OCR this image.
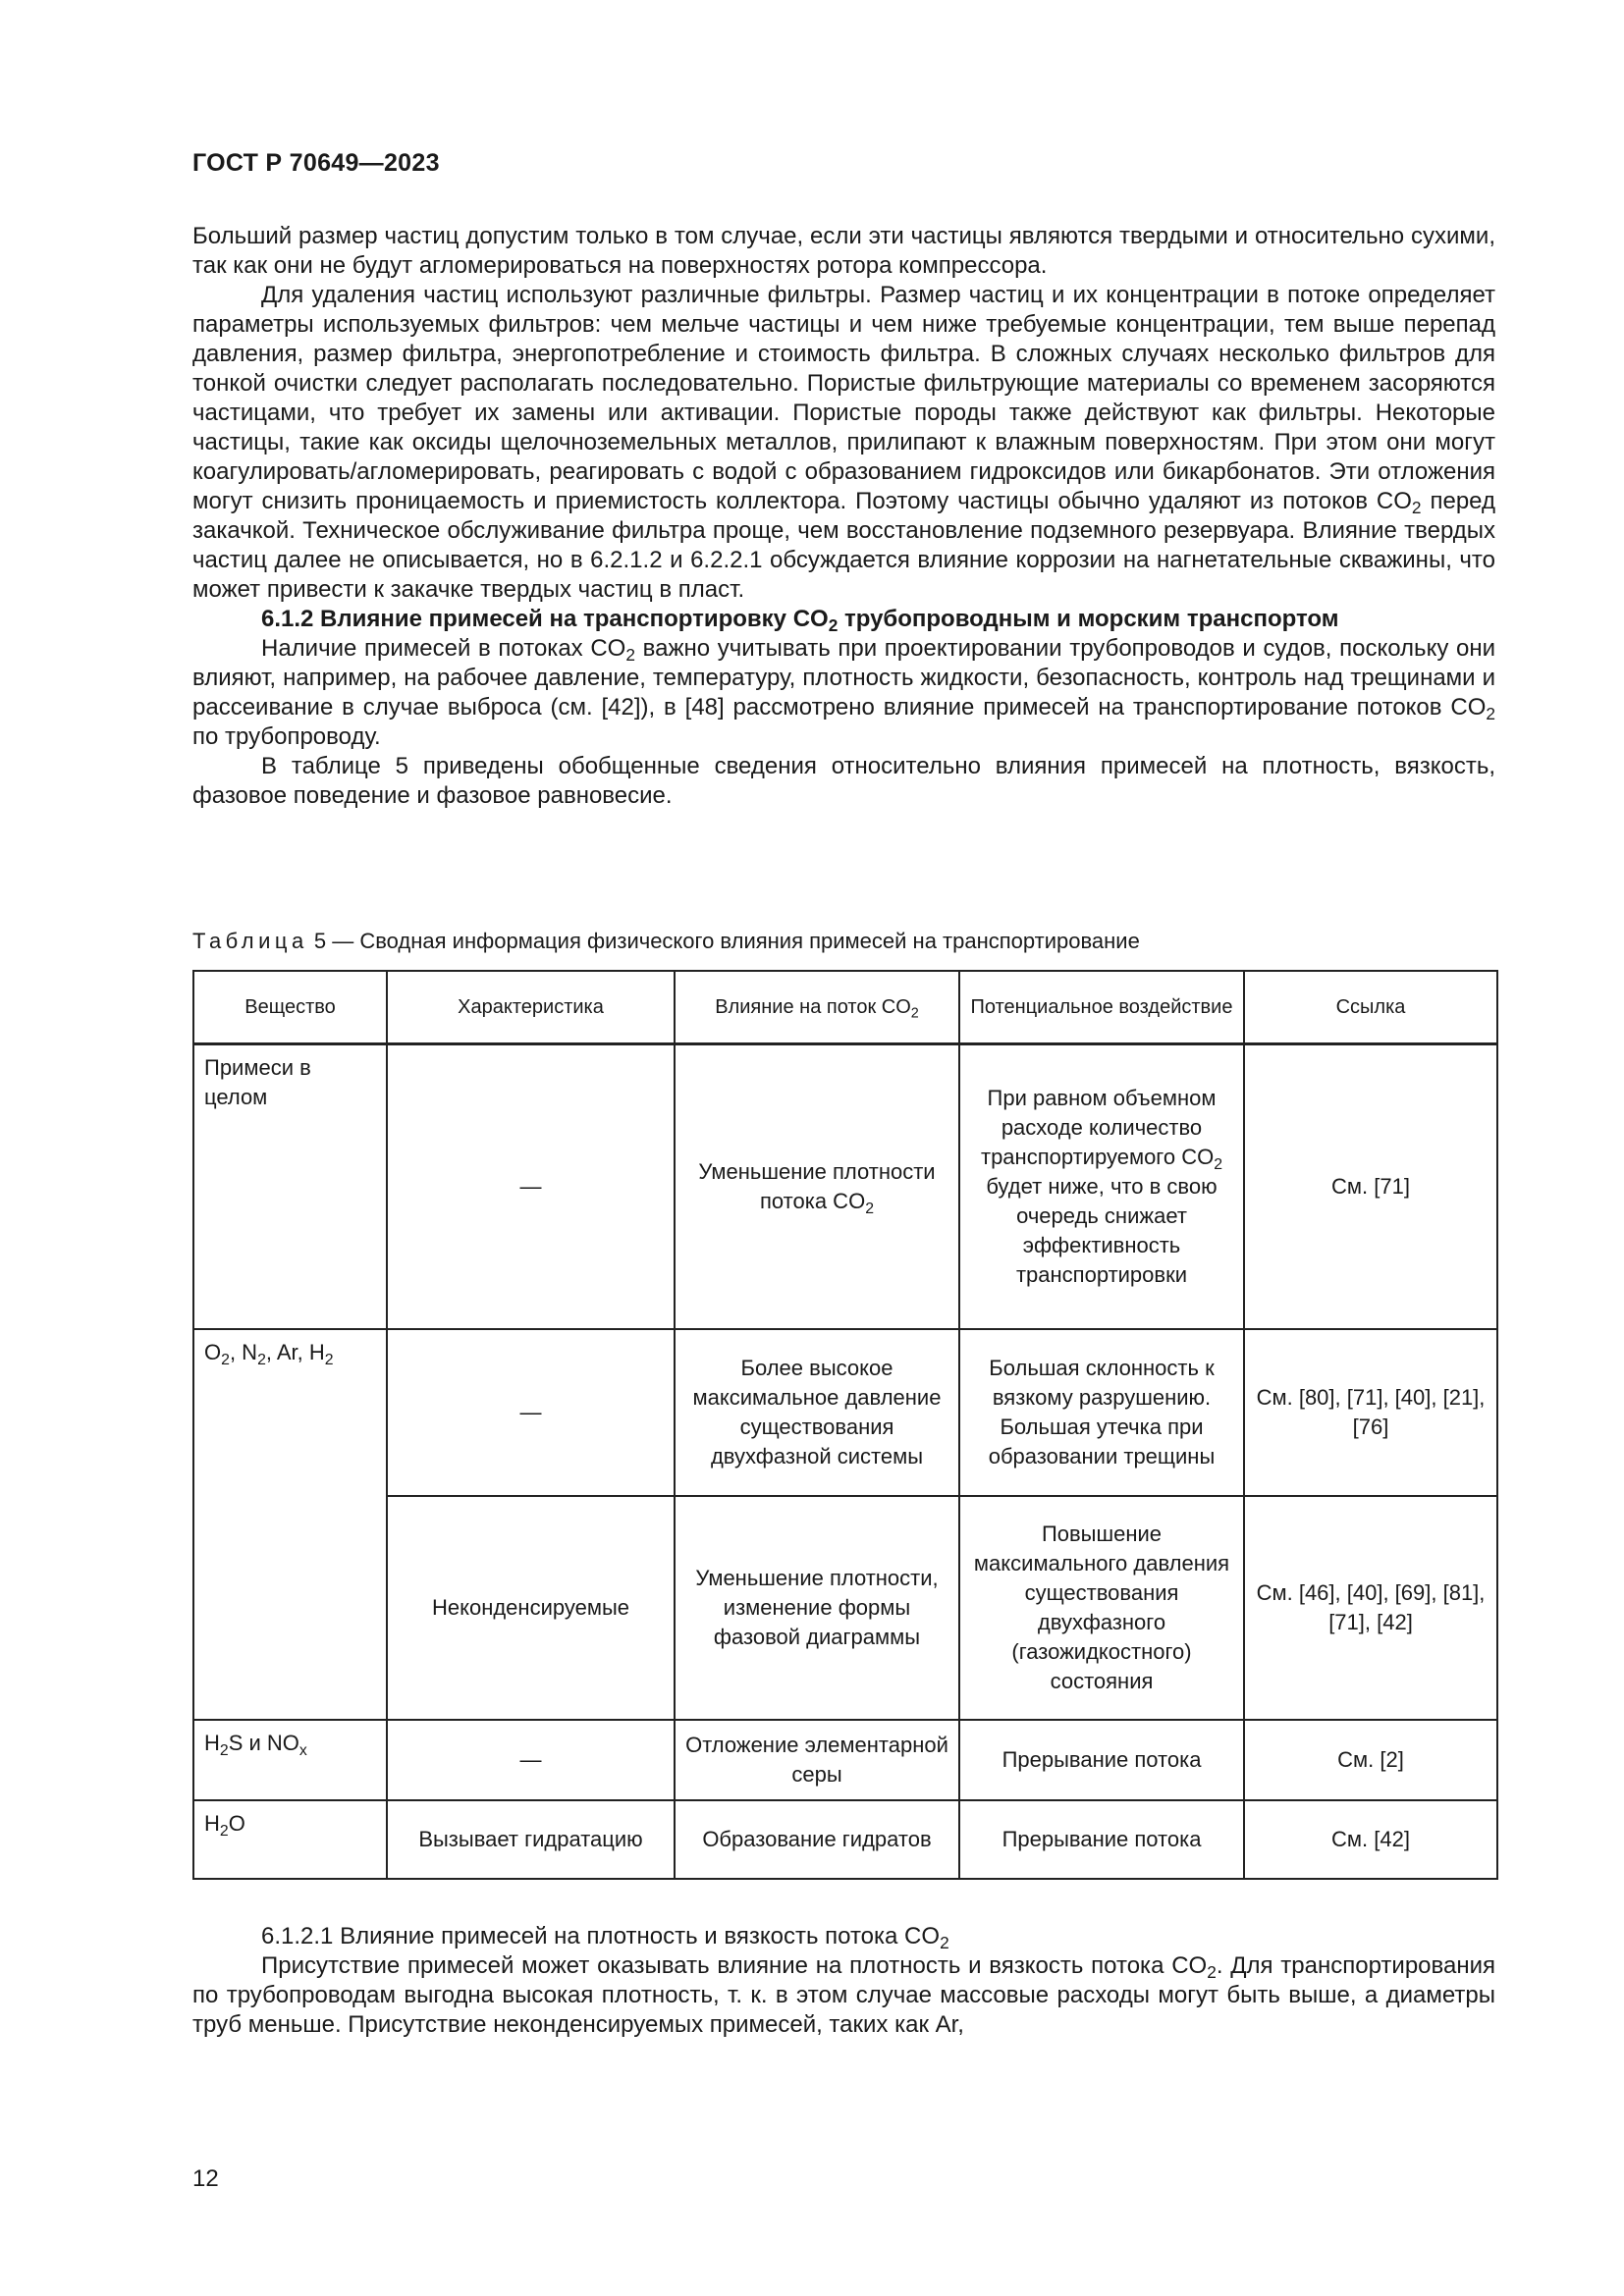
ГОСТ Р 70649—2023

Больший размер частиц допустим только в том случае, если эти частицы являются твердыми и относительно сухими, так как они не будут агломерироваться на поверхностях ротора компрессора.

Для удаления частиц используют различные фильтры. Размер частиц и их концентрации в потоке определяет параметры используемых фильтров: чем мельче частицы и чем ниже требуемые концентрации, тем выше перепад давления, размер фильтра, энергопотребление и стоимость фильтра. В сложных случаях несколько фильтров для тонкой очистки следует располагать последовательно. Пористые фильтрующие материалы со временем засоряются частицами, что требует их замены или активации. Пористые породы также действуют как фильтры. Некоторые частицы, такие как оксиды щелочноземельных металлов, прилипают к влажным поверхностям. При этом они могут коагулировать/агломерировать, реагировать с водой с образованием гидроксидов или бикарбонатов. Эти отложения могут снизить проницаемость и приемистость коллектора. Поэтому частицы обычно удаляют из потоков $CO_2$ перед закачкой. Техническое обслуживание фильтра проще, чем восстановление подземного резервуара. Влияние твердых частиц далее не описывается, но в 6.2.1.2 и 6.2.2.1 обсуждается влияние коррозии на нагнетательные скважины, что может привести к закачке твердых частиц в пласт.

6.1.2 Влияние примесей на транспортировку $CO_2$ трубопроводным и морским транспортом

Наличие примесей в потоках $CO_2$ важно учитывать при проектировании трубопроводов и судов, поскольку они влияют, например, на рабочее давление, температуру, плотность жидкости, безопасность, контроль над трещинами и рассеивание в случае выброса (см. [42]), в [48] рассмотрено влияние примесей на транспортирование потоков $CO_2$ по трубопроводу.

В таблице 5 приведены обобщенные сведения относительно влияния примесей на плотность, вязкость, фазовое поведение и фазовое равновесие.

Таблица 5 — Сводная информация физического влияния примесей на транспортирование
Вещество	Характеристика	Влияние на поток $CO_2$	Потенциальное воздействие	Ссылка
Примеси в целом	—	Уменьшение плотности потока $CO_2$	При равном объемном расходе количество транспортируемого $CO_2$ будет ниже, что в свою очередь снижает эффективность транспортировки	См. [71]
$O_2$, $N_2$, Ar, $H_2$	—	Более высокое максимальное давление существования двухфазной системы	Большая склонность к вязкому разрушению. Большая утечка при образовании трещины	См. [80], [71], [40], [21], [76]
	Неконденсируемые	Уменьшение плотности, изменение формы фазовой диаграммы	Повышение максимального давления существования двухфазного (газожидкостного) состояния	См. [46], [40], [69], [81], [71], [42]
$H_2S$ и $NO_x$	—	Отложение элементарной серы	Прерывание потока	См. [2]
$H_2O$	Вызывает гидратацию	Образование гидратов	Прерывание потока	См. [42]

6.1.2.1 Влияние примесей на плотность и вязкость потока $CO_2$

Присутствие примесей может оказывать влияние на плотность и вязкость потока $CO_2$. Для транспортирования по трубопроводам выгодна высокая плотность, т. к. в этом случае массовые расходы могут быть выше, а диаметры труб меньше. Присутствие неконденсируемых примесей, таких как Ar,

12
